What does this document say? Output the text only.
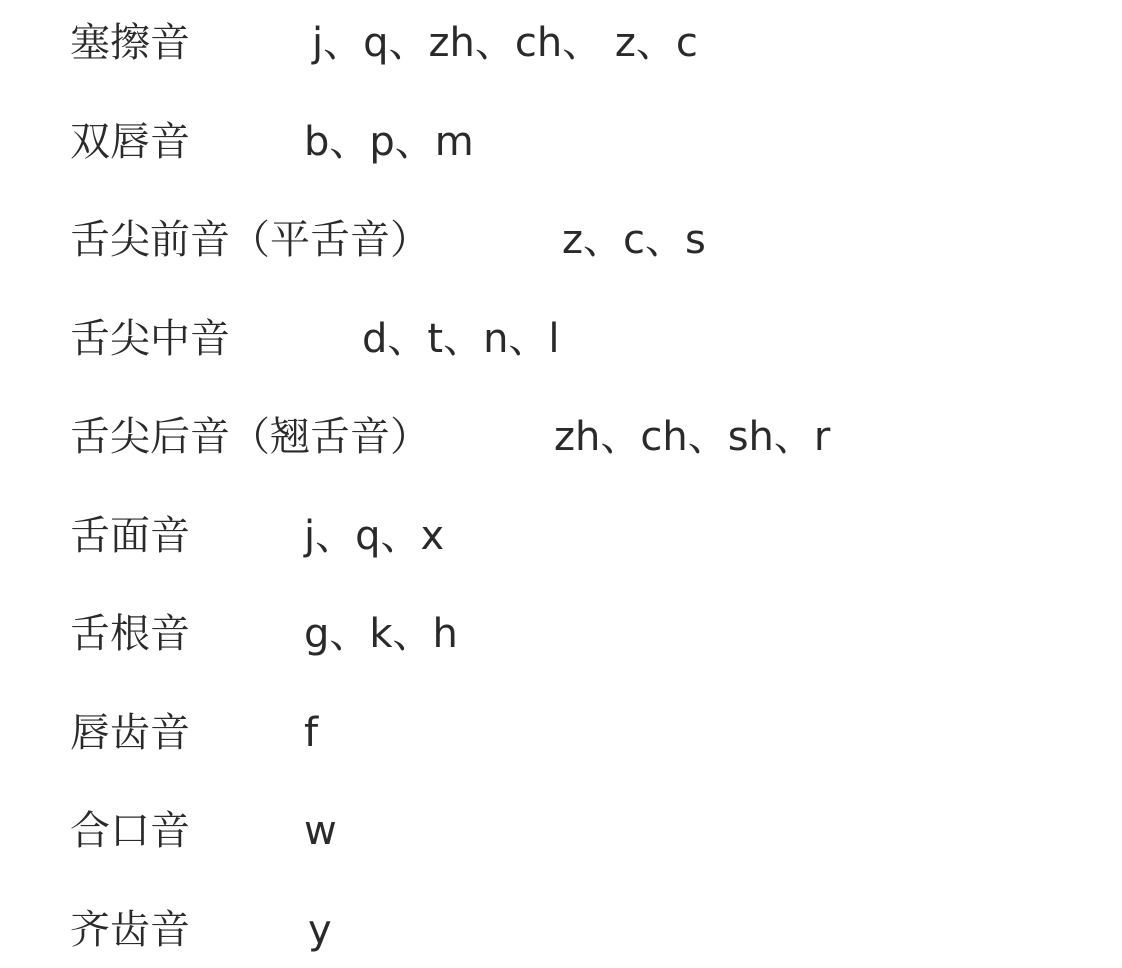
塞擦音	j、q、zh、ch、 z、c
双唇音	b、p、m
舌尖前音（平舌音）	z、c、s
舌尖中音	d、t、n、l
舌尖后音（翘舌音）	zh、ch、sh、r
舌面音	j、q、x
舌根音	g、k、h
唇齿音	f
合口音	w
齐齿音	y
